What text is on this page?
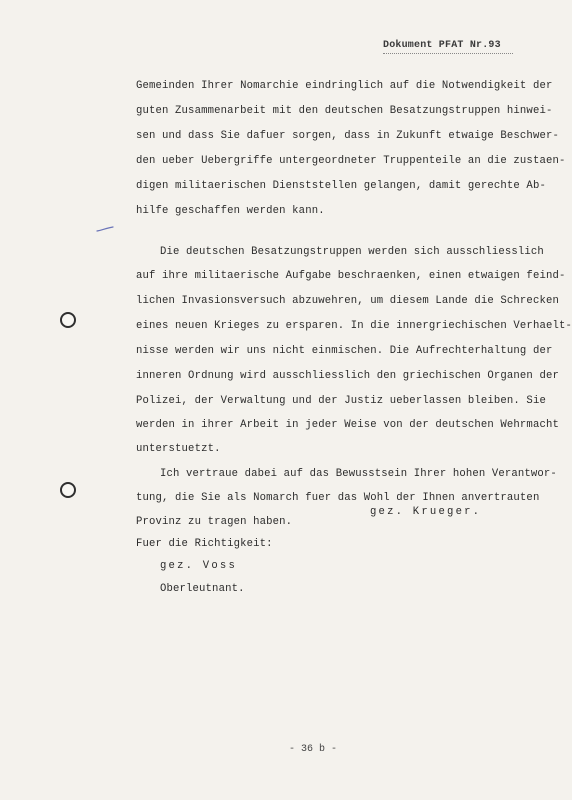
Dokument PFAT Nr.93
Gemeinden Ihrer Nomarchie eindringlich auf die Notwendigkeit der
guten Zusammenarbeit mit den deutschen Besatzungstruppen hinwei-
sen und dass Sie dafuer sorgen, dass in Zukunft etwaige Beschwer-
den ueber Uebergriffe untergeordneter Truppenteile an die zustaen-
digen militaerischen Dienststellen gelangen, damit gerechte Ab-
hilfe geschaffen werden kann.
Die deutschen Besatzungstruppen werden sich ausschliesslich
auf ihre militaerische Aufgabe beschraenken, einen etwaigen feind-
lichen Invasionsversuch abzuwehren, um diesem Lande die Schrecken
eines neuen Krieges zu ersparen. In die innergriechischen Verhaelt-
nisse werden wir uns nicht einmischen. Die Aufrechterhaltung der
inneren Ordnung wird ausschliesslich den griechischen Organen der
Polizei, der Verwaltung und der Justiz ueberlassen bleiben. Sie
werden in ihrer Arbeit in jeder Weise von der deutschen Wehrmacht
unterstuetzt.
Ich vertraue dabei auf das Bewusstsein Ihrer hohen Verantwor-
tung, die Sie als Nomarch fuer das Wohl der Ihnen anvertrauten
Provinz zu tragen haben.
gez. Krueger.
Fuer die Richtigkeit:
gez. Voss
Oberleutnant.
- 36 b -
